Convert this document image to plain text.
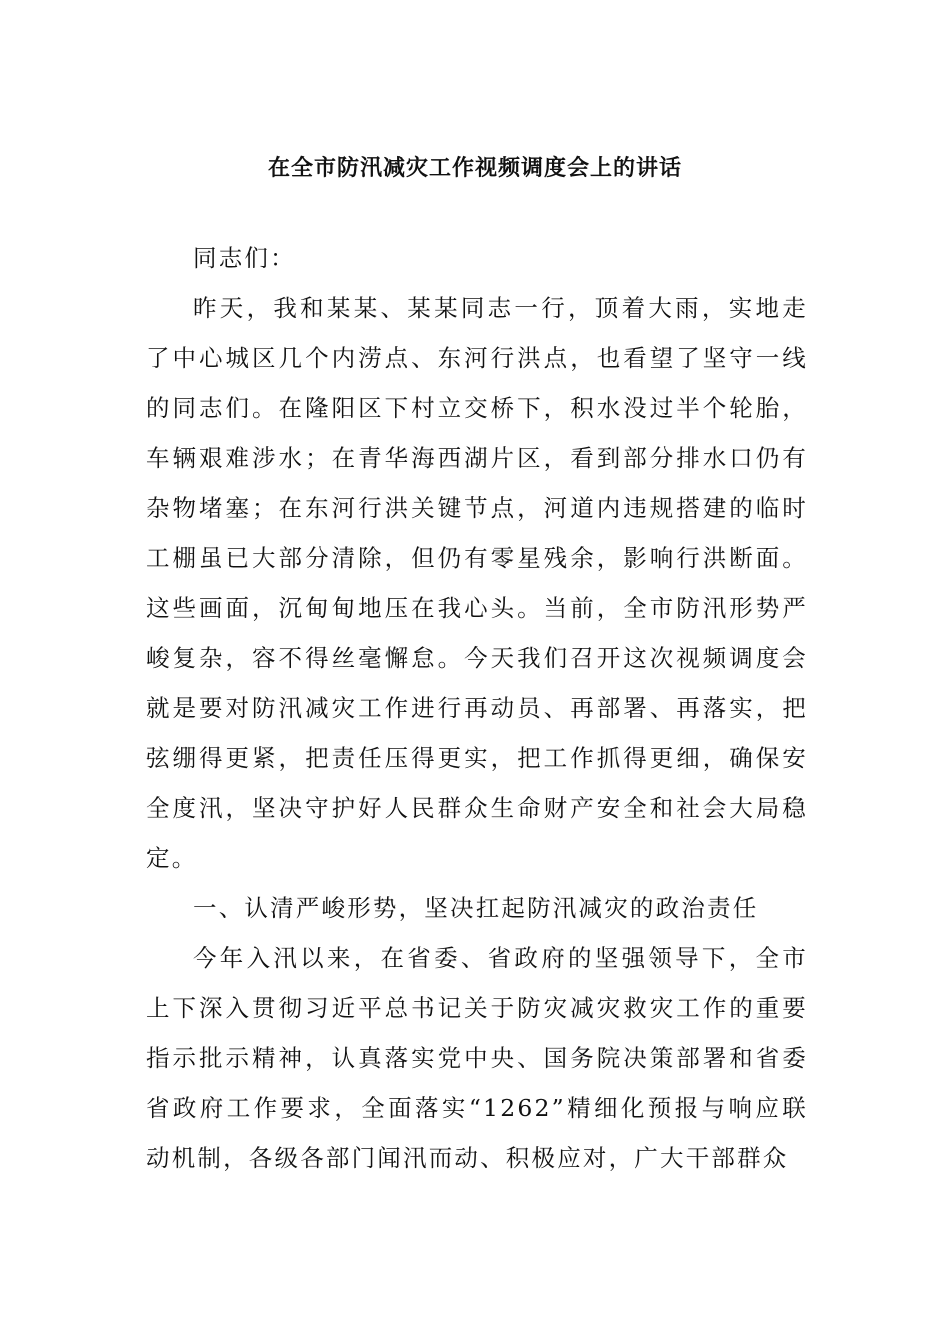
在全市防汛减灾工作视频调度会上的讲话

同志们：

昨天，我和某某、某某同志一行，顶着大雨，实地走了中心城区几个内涝点、东河行洪点，也看望了坚守一线的同志们。在隆阳区下村立交桥下，积水没过半个轮胎，车辆艰难涉水；在青华海西湖片区，看到部分排水口仍有杂物堵塞；在东河行洪关键节点，河道内违规搭建的临时工棚虽已大部分清除，但仍有零星残余，影响行洪断面。这些画面，沉甸甸地压在我心头。当前，全市防汛形势严峻复杂，容不得丝毫懈怠。今天我们召开这次视频调度会就是要对防汛减灾工作进行再动员、再部署、再落实，把弦绷得更紧，把责任压得更实，把工作抓得更细，确保安全度汛，坚决守护好人民群众生命财产安全和社会大局稳定。

一、认清严峻形势，坚决扛起防汛减灾的政治责任

今年入汛以来，在省委、省政府的坚强领导下，全市上下深入贯彻习近平总书记关于防灾减灾救灾工作的重要指示批示精神，认真落实党中央、国务院决策部署和省委省政府工作要求，全面落实“1262”精细化预报与响应联动机制，各级各部门闻汛而动、积极应对，广大干部群众
